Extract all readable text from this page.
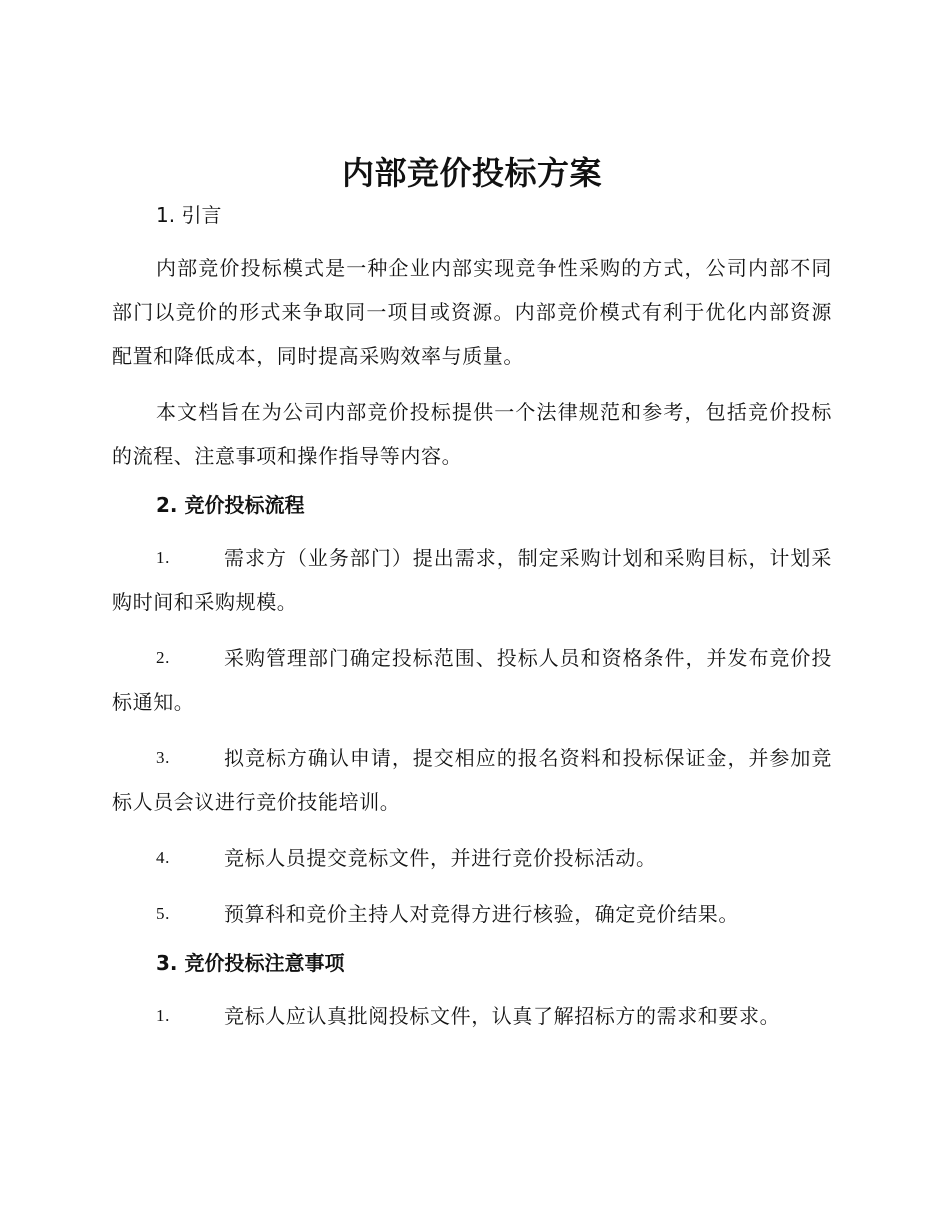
内部竞价投标方案
1. 引言

内部竞价投标模式是一种企业内部实现竞争性采购的方式，公司内部不同部门以竞价的形式来争取同一项目或资源。内部竞价模式有利于优化内部资源配置和降低成本，同时提高采购效率与质量。

本文档旨在为公司内部竞价投标提供一个法律规范和参考，包括竞价投标的流程、注意事项和操作指导等内容。

2. 竞价投标流程

1.	需求方（业务部门）提出需求，制定采购计划和采购目标，计划采购时间和采购规模。

2.	采购管理部门确定投标范围、投标人员和资格条件，并发布竞价投标通知。

3.	拟竞标方确认申请，提交相应的报名资料和投标保证金，并参加竞标人员会议进行竞价技能培训。

4.	竞标人员提交竞标文件，并进行竞价投标活动。

5.	预算科和竞价主持人对竞得方进行核验，确定竞价结果。

3. 竞价投标注意事项

1.	竞标人应认真批阅投标文件，认真了解招标方的需求和要求。
